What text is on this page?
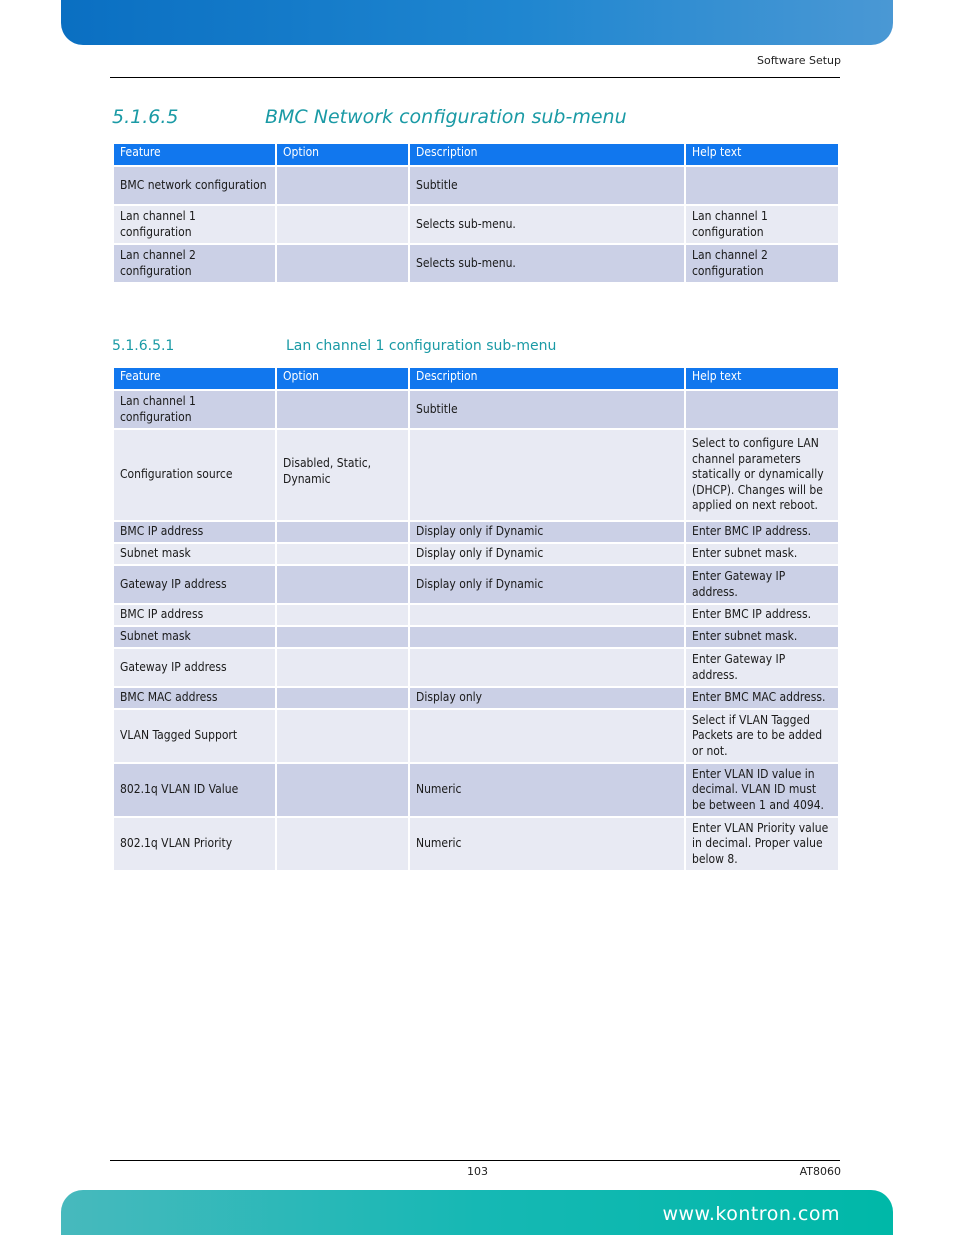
Software Setup
5.1.6.5	BMC Network configuration sub-menu
Feature	Option	Description	Help text
BMC network configuration		Subtitle	
Lan channel 1 configuration		Selects sub-menu.	Lan channel 1 configuration
Lan channel 2 configuration		Selects sub-menu.	Lan channel 2 configuration
5.1.6.5.1	Lan channel 1 configuration sub-menu
Feature	Option	Description	Help text
Lan channel 1 configuration		Subtitle	
Configuration source	Disabled, Static, Dynamic		Select to configure LAN channel parameters statically or dynamically (DHCP). Changes will be applied on next reboot.
BMC IP address		Display only if Dynamic	Enter BMC IP address.
Subnet mask		Display only if Dynamic	Enter subnet mask.
Gateway IP address		Display only if Dynamic	Enter Gateway IP address.
BMC IP address			Enter BMC IP address.
Subnet mask			Enter subnet mask.
Gateway IP address			Enter Gateway IP address.
BMC MAC address		Display only	Enter BMC MAC address.
VLAN Tagged Support			Select if VLAN Tagged Packets are to be added or not.
802.1q VLAN ID Value		Numeric	Enter VLAN ID value in decimal. VLAN ID must be between 1 and 4094.
802.1q VLAN Priority		Numeric	Enter VLAN Priority value in decimal. Proper value below 8.
103	AT8060
www.kontron.com
